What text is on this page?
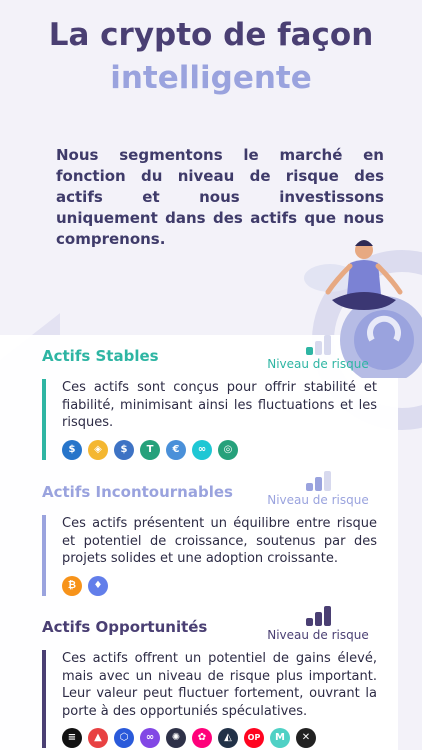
La crypto de façon
intelligente

Nous segmentons le marché en fonction du niveau de risque des actifs et nous investissons uniquement dans des actifs que nous comprenons.

Actifs Stables	Niveau de risque

Ces actifs sont conçus pour offrir stabilité et fiabilité, minimisant ainsi les fluctuations et les risques.

$	◈	$	T	€	∞	◎
Actifs Incontournables	Niveau de risque

Ces actifs présentent un équilibre entre risque et potentiel de croissance, soutenus par des projets solides et une adoption croissante.

₿	♦
Actifs Opportunités	Niveau de risque

Ces actifs offrent un potentiel de gains élevé, mais avec un niveau de risque plus important. Leur valeur peut fluctuer fortement, ouvrant la porte à des opportuniés spéculatives.

≡	▲	⬡	∞	✺	✿	◭	OP	M	✕
